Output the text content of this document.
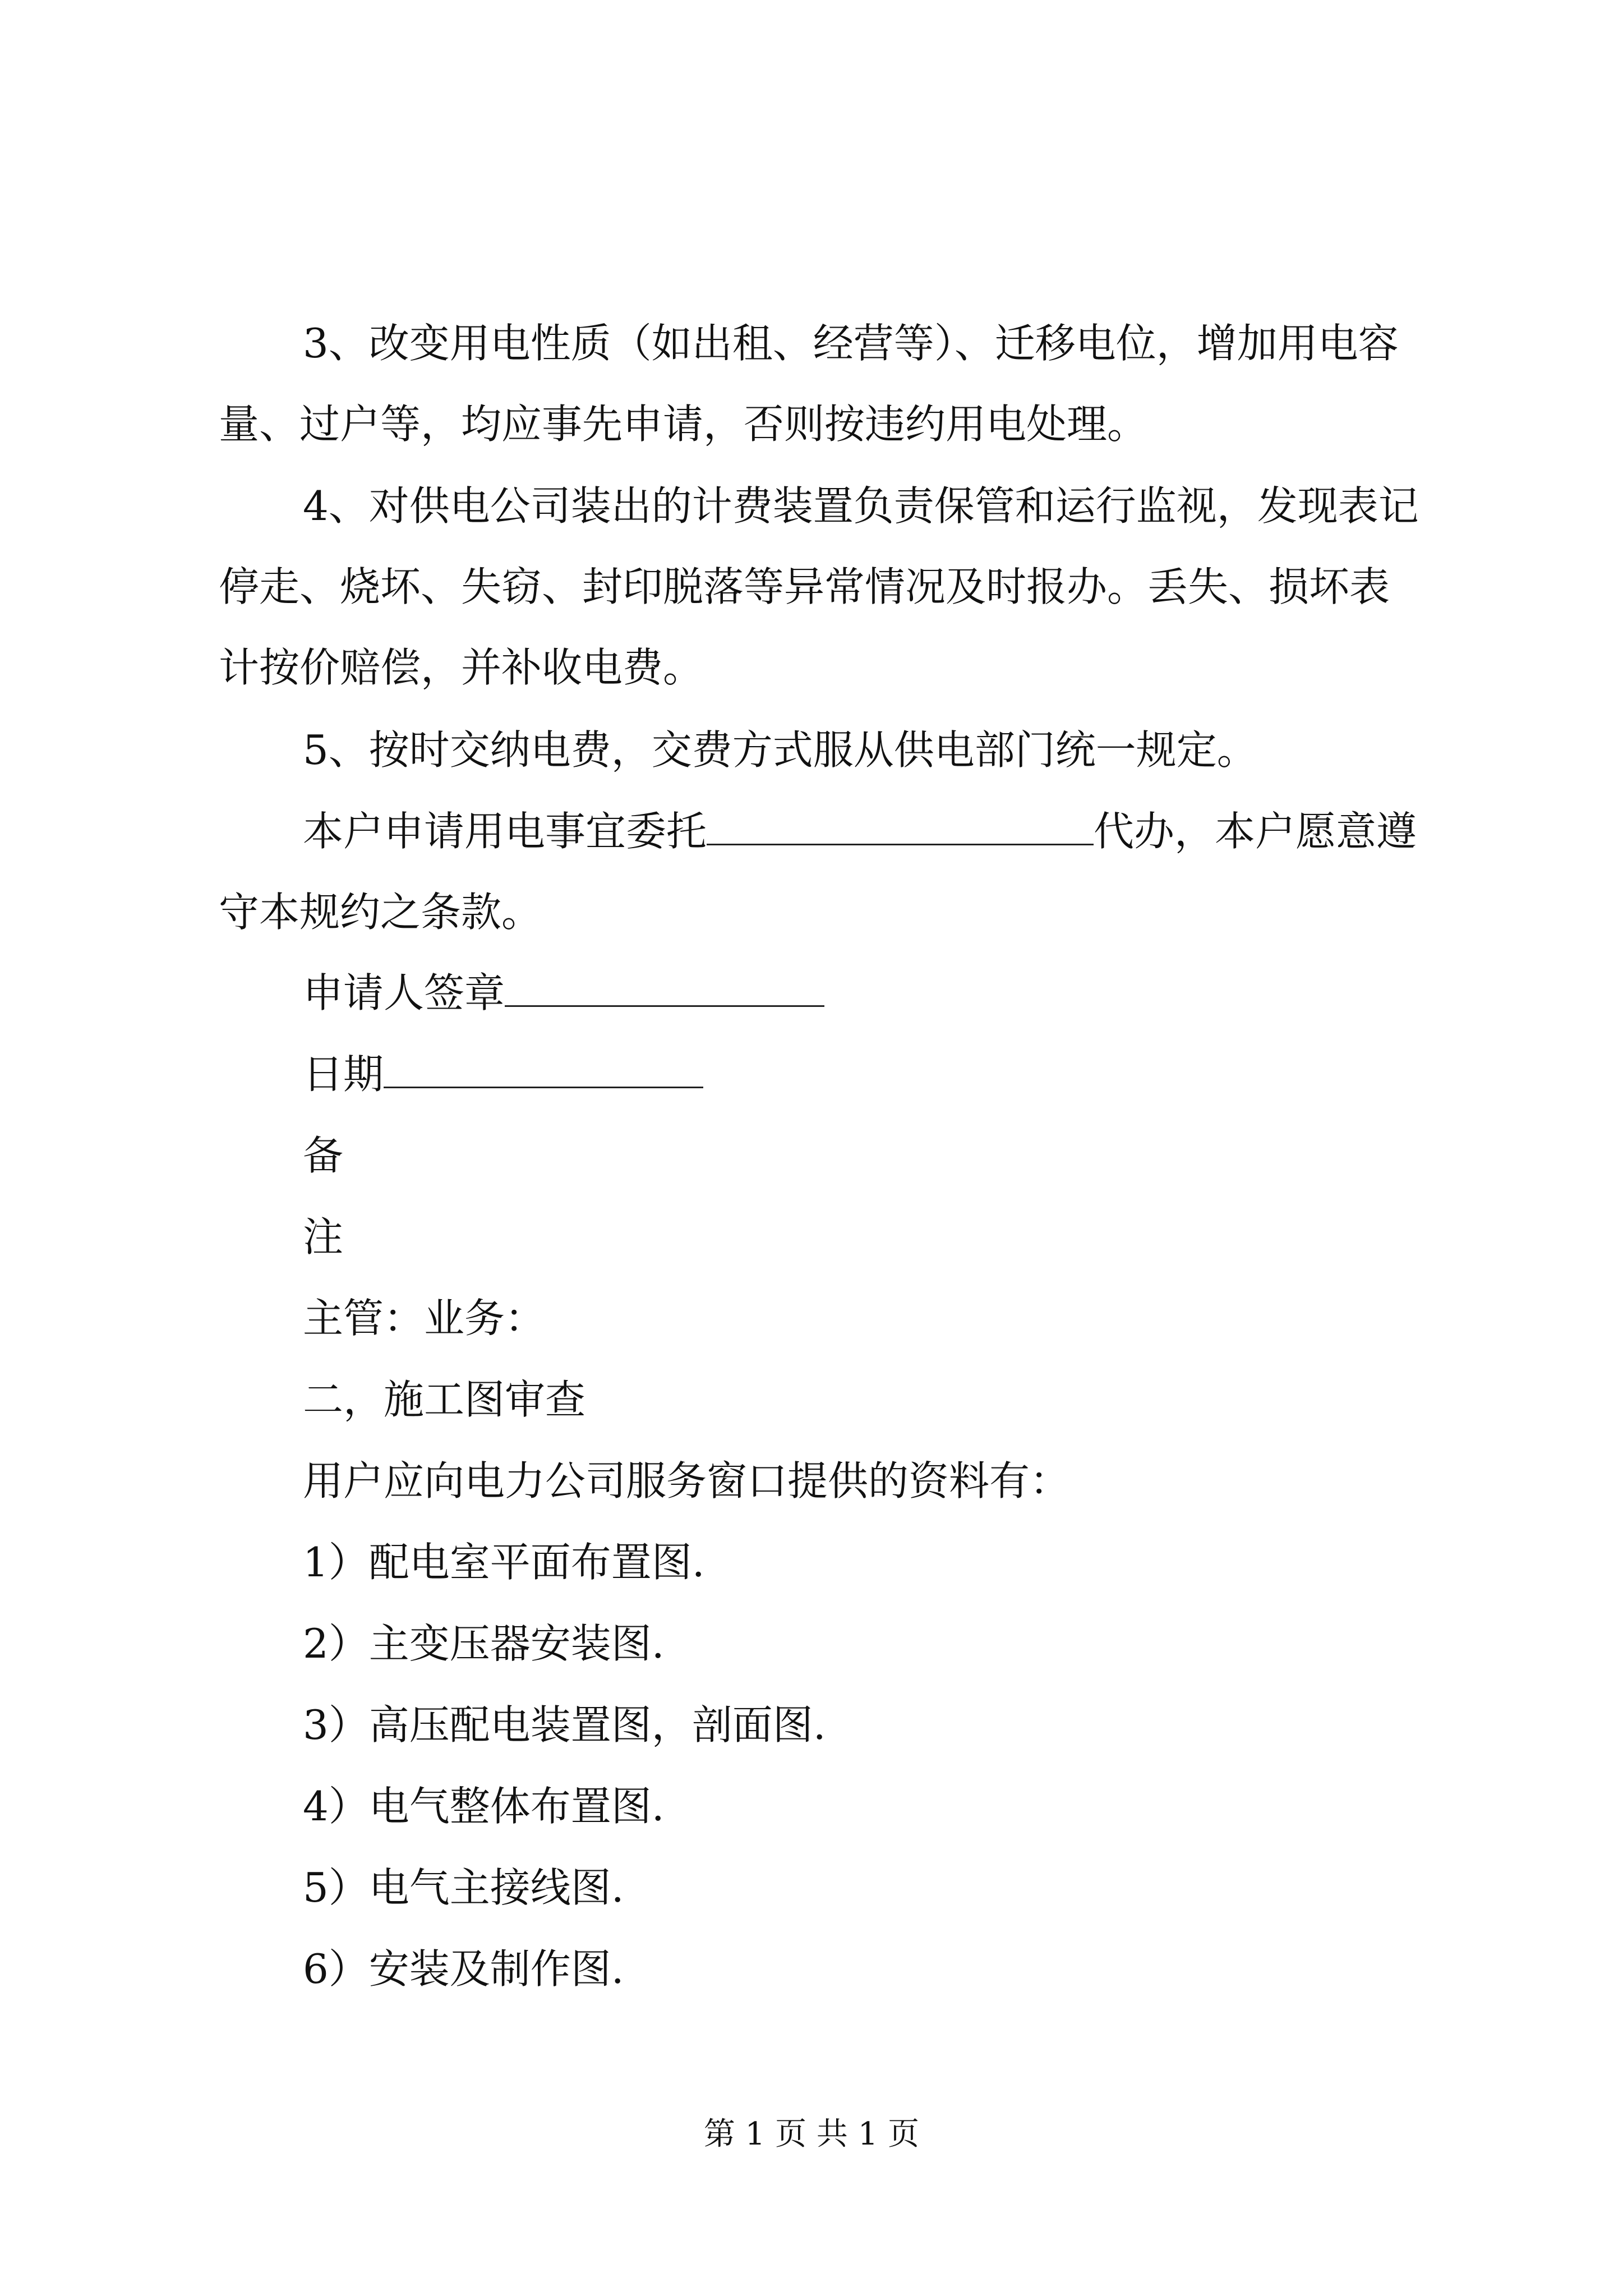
3、改变用电性质（如出租、经营等）、迁移电位，增加用电容量、过户等，均应事先申请，否则按违约用电处理。

4、对供电公司装出的计费装置负责保管和运行监视，发现表记停走、烧坏、失窃、封印脱落等异常情况及时报办。丢失、损坏表计按价赔偿，并补收电费。

5、按时交纳电费，交费方式服从供电部门统一规定。

本户申请用电事宜委托	代办，本户愿意遵守本规约之条款。

申请人签章

日期

备

注

主管：业务：

二，施工图审查

用户应向电力公司服务窗口提供的资料有：

1）配电室平面布置图.

2）主变压器安装图.

3）高压配电装置图，剖面图.

4）电气整体布置图.

5）电气主接线图.

6）安装及制作图.

第 1 页 共 1 页
